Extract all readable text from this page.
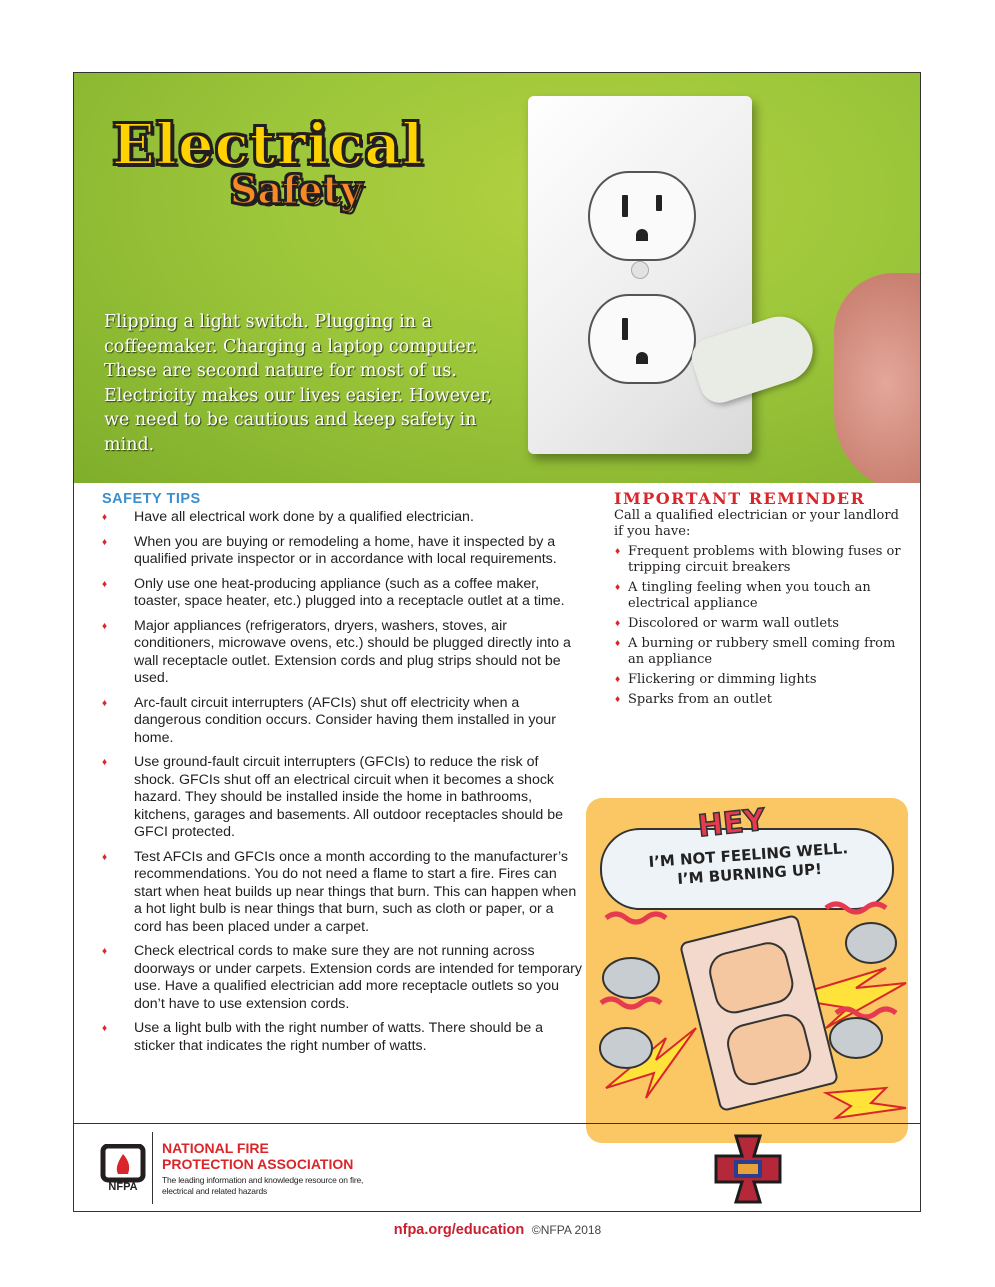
Electrical
Safety
Flipping a light switch. Plugging in a coffeemaker. Charging a laptop computer. These are second nature for most of us. Electricity makes our lives easier. However, we need to be cautious and keep safety in mind.
SAFETY TIPS
♦ Have all electrical work done by a qualified electrician.
♦ When you are buying or remodeling a home, have it inspected by a qualified private inspector or in accordance with local requirements.
♦ Only use one heat-producing appliance (such as a coffee maker, toaster, space heater, etc.) plugged into a receptacle outlet at a time.
♦ Major appliances (refrigerators, dryers, washers, stoves, air conditioners, microwave ovens, etc.) should be plugged directly into a wall receptacle outlet. Extension cords and plug strips should not be used.
♦ Arc-fault circuit interrupters (AFCIs) shut off electricity when a dangerous condition occurs. Consider having them installed in your home.
♦ Use ground-fault circuit interrupters (GFCIs) to reduce the risk of shock. GFCIs shut off an electrical circuit when it becomes a shock hazard. They should be installed inside the home in bathrooms, kitchens, garages and basements. All outdoor receptacles should be GFCI protected.
♦ Test AFCIs and GFCIs once a month according to the manufacturer’s recommendations. You do not need a flame to start a fire. Fires can start when heat builds up near things that burn. This can happen when a hot light bulb is near things that burn, such as cloth or paper, or a cord has been placed under a carpet.
♦ Check electrical cords to make sure they are not running across doorways or under carpets. Extension cords are intended for temporary use. Have a qualified electrician add more receptacle outlets so you don’t have to use extension cords.
♦ Use a light bulb with the right number of watts. There should be a sticker that indicates the right number of watts.
IMPORTANT REMINDER

Call a qualified electrician or your landlord if you have:

♦ Frequent problems with blowing fuses or tripping circuit breakers
♦ A tingling feeling when you touch an electrical appliance
♦ Discolored or warm wall outlets
♦ A burning or rubbery smell coming from an appliance
♦ Flickering or dimming lights
♦ Sparks from an outlet
HEY
I’M NOT FEELING WELL. I’M BURNING UP!
NFPA
NATIONAL FIRE
PROTECTION ASSOCIATION
The leading information and knowledge resource on fire, electrical and related hazards
nfpa.org/education ©NFPA 2018
